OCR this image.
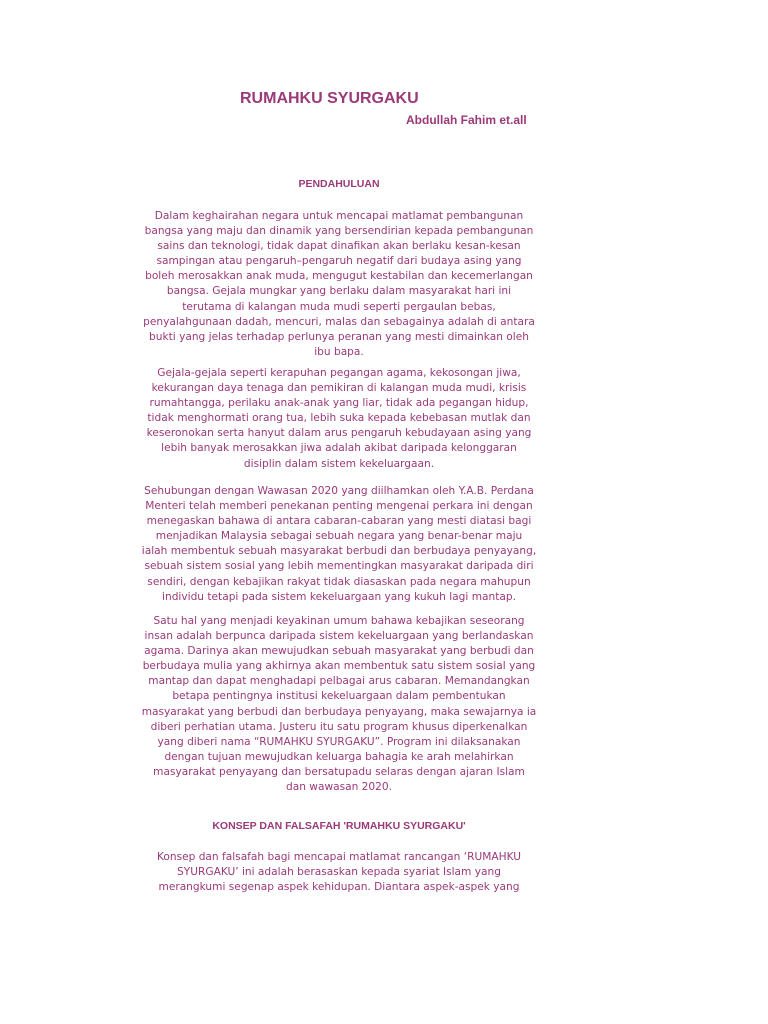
RUMAHKU SYURGAKU
Abdullah Fahim et.all
PENDAHULUAN

Dalam keghairahan negara untuk mencapai matlamat pembangunan
bangsa yang maju dan dinamik yang bersendirian kepada pembangunan
sains dan teknologi, tidak dapat dinafikan akan berlaku kesan-kesan
sampingan atau pengaruh–pengaruh negatif dari budaya asing yang
boleh merosakkan anak muda, mengugut kestabilan dan kecemerlangan
bangsa. Gejala mungkar yang berlaku dalam masyarakat hari ini
terutama di kalangan muda mudi seperti pergaulan bebas,
penyalahgunaan dadah, mencuri, malas dan sebagainya adalah di antara
bukti yang jelas terhadap perlunya peranan yang mesti dimainkan oleh
ibu bapa.

Gejala-gejala seperti kerapuhan pegangan agama, kekosongan jiwa,
kekurangan daya tenaga dan pemikiran di kalangan muda mudi, krisis
rumahtangga, perilaku anak-anak yang liar, tidak ada pegangan hidup,
tidak menghormati orang tua, lebih suka kepada kebebasan mutlak dan
keseronokan serta hanyut dalam arus pengaruh kebudayaan asing yang
lebih banyak merosakkan jiwa adalah akibat daripada kelonggaran
disiplin dalam sistem kekeluargaan.

Sehubungan dengan Wawasan 2020 yang diilhamkan oleh Y.A.B. Perdana
Menteri telah memberi penekanan penting mengenai perkara ini dengan
menegaskan bahawa di antara cabaran-cabaran yang mesti diatasi bagi
menjadikan Malaysia sebagai sebuah negara yang benar-benar maju
ialah membentuk sebuah masyarakat berbudi dan berbudaya penyayang,
sebuah sistem sosial yang lebih mementingkan masyarakat daripada diri
sendiri, dengan kebajikan rakyat tidak diasaskan pada negara mahupun
individu tetapi pada sistem kekeluargaan yang kukuh lagi mantap.

Satu hal yang menjadi keyakinan umum bahawa kebajikan seseorang
insan adalah berpunca daripada sistem kekeluargaan yang berlandaskan
agama. Darinya akan mewujudkan sebuah masyarakat yang berbudi dan
berbudaya mulia yang akhirnya akan membentuk satu sistem sosial yang
mantap dan dapat menghadapi pelbagai arus cabaran. Memandangkan
betapa pentingnya institusi kekeluargaan dalam pembentukan
masyarakat yang berbudi dan berbudaya penyayang, maka sewajarnya ia
diberi perhatian utama. Justeru itu satu program khusus diperkenalkan
yang diberi nama “RUMAHKU SYURGAKU”. Program ini dilaksanakan
dengan tujuan mewujudkan keluarga bahagia ke arah melahirkan
masyarakat penyayang dan bersatupadu selaras dengan ajaran Islam
dan wawasan 2020.

KONSEP DAN FALSAFAH 'RUMAHKU SYURGAKU'

Konsep dan falsafah bagi mencapai matlamat rancangan ‘RUMAHKU
SYURGAKU’ ini adalah berasaskan kepada syariat Islam yang
merangkumi segenap aspek kehidupan. Diantara aspek-aspek yang
